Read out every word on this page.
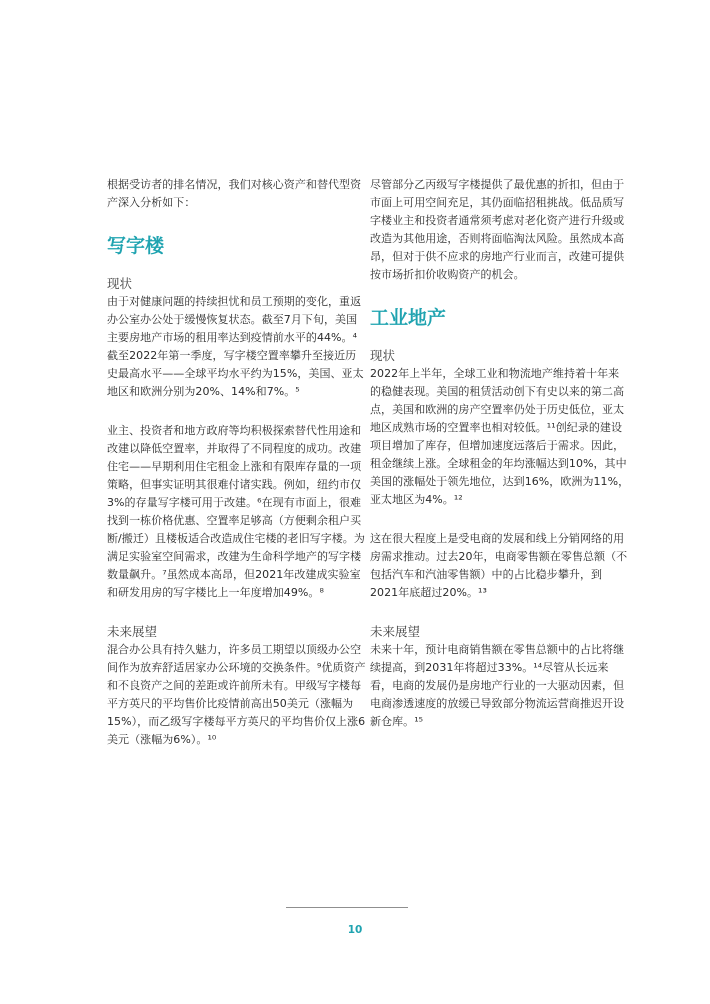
根据受访者的排名情况，我们对核心资产和替代型资产深入分析如下：

写字楼
现状

由于对健康问题的持续担忧和员工预期的变化，重返办公室办公处于缓慢恢复状态。截至7月下旬，美国主要房地产市场的租用率达到疫情前水平的44%。⁴截至2022年第一季度，写字楼空置率攀升至接近历史最高水平——全球平均水平约为15%，美国、亚太地区和欧洲分别为20%、14%和7%。⁵

业主、投资者和地方政府等均积极探索替代性用途和改建以降低空置率，并取得了不同程度的成功。改建住宅——早期利用住宅租金上涨和有限库存量的一项策略，但事实证明其很难付诸实践。例如，纽约市仅3%的存量写字楼可用于改建。⁶在现有市面上，很难找到一栋价格优惠、空置率足够高（方便剩余租户买断/搬迁）且楼板适合改造成住宅楼的老旧写字楼。为满足实验室空间需求，改建为生命科学地产的写字楼数量飙升。⁷虽然成本高昂，但2021年改建成实验室和研发用房的写字楼比上一年度增加49%。⁸

未来展望

混合办公具有持久魅力，许多员工期望以顶级办公空间作为放弃舒适居家办公环境的交换条件。⁹优质资产和不良资产之间的差距或许前所未有。甲级写字楼每平方英尺的平均售价比疫情前高出50美元（涨幅为15%），而乙级写字楼每平方英尺的平均售价仅上涨6美元（涨幅为6%）。¹⁰

尽管部分乙丙级写字楼提供了最优惠的折扣，但由于市面上可用空间充足，其仍面临招租挑战。低品质写字楼业主和投资者通常须考虑对老化资产进行升级或改造为其他用途，否则将面临淘汰风险。虽然成本高昂，但对于供不应求的房地产行业而言，改建可提供按市场折扣价收购资产的机会。

工业地产
现状

2022年上半年，全球工业和物流地产维持着十年来的稳健表现。美国的租赁活动创下有史以来的第二高点，美国和欧洲的房产空置率仍处于历史低位，亚太地区成熟市场的空置率也相对较低。¹¹创纪录的建设项目增加了库存，但增加速度远落后于需求。因此，租金继续上涨。全球租金的年均涨幅达到10%，其中美国的涨幅处于领先地位，达到16%，欧洲为11%，亚太地区为4%。¹²

这在很大程度上是受电商的发展和线上分销网络的用房需求推动。过去20年，电商零售额在零售总额（不包括汽车和汽油零售额）中的占比稳步攀升，到2021年底超过20%。¹³

未来展望

未来十年，预计电商销售额在零售总额中的占比将继续提高，到2031年将超过33%。¹⁴尽管从长远来看，电商的发展仍是房地产行业的一大驱动因素，但电商渗透速度的放缓已导致部分物流运营商推迟开设新仓库。¹⁵

10
